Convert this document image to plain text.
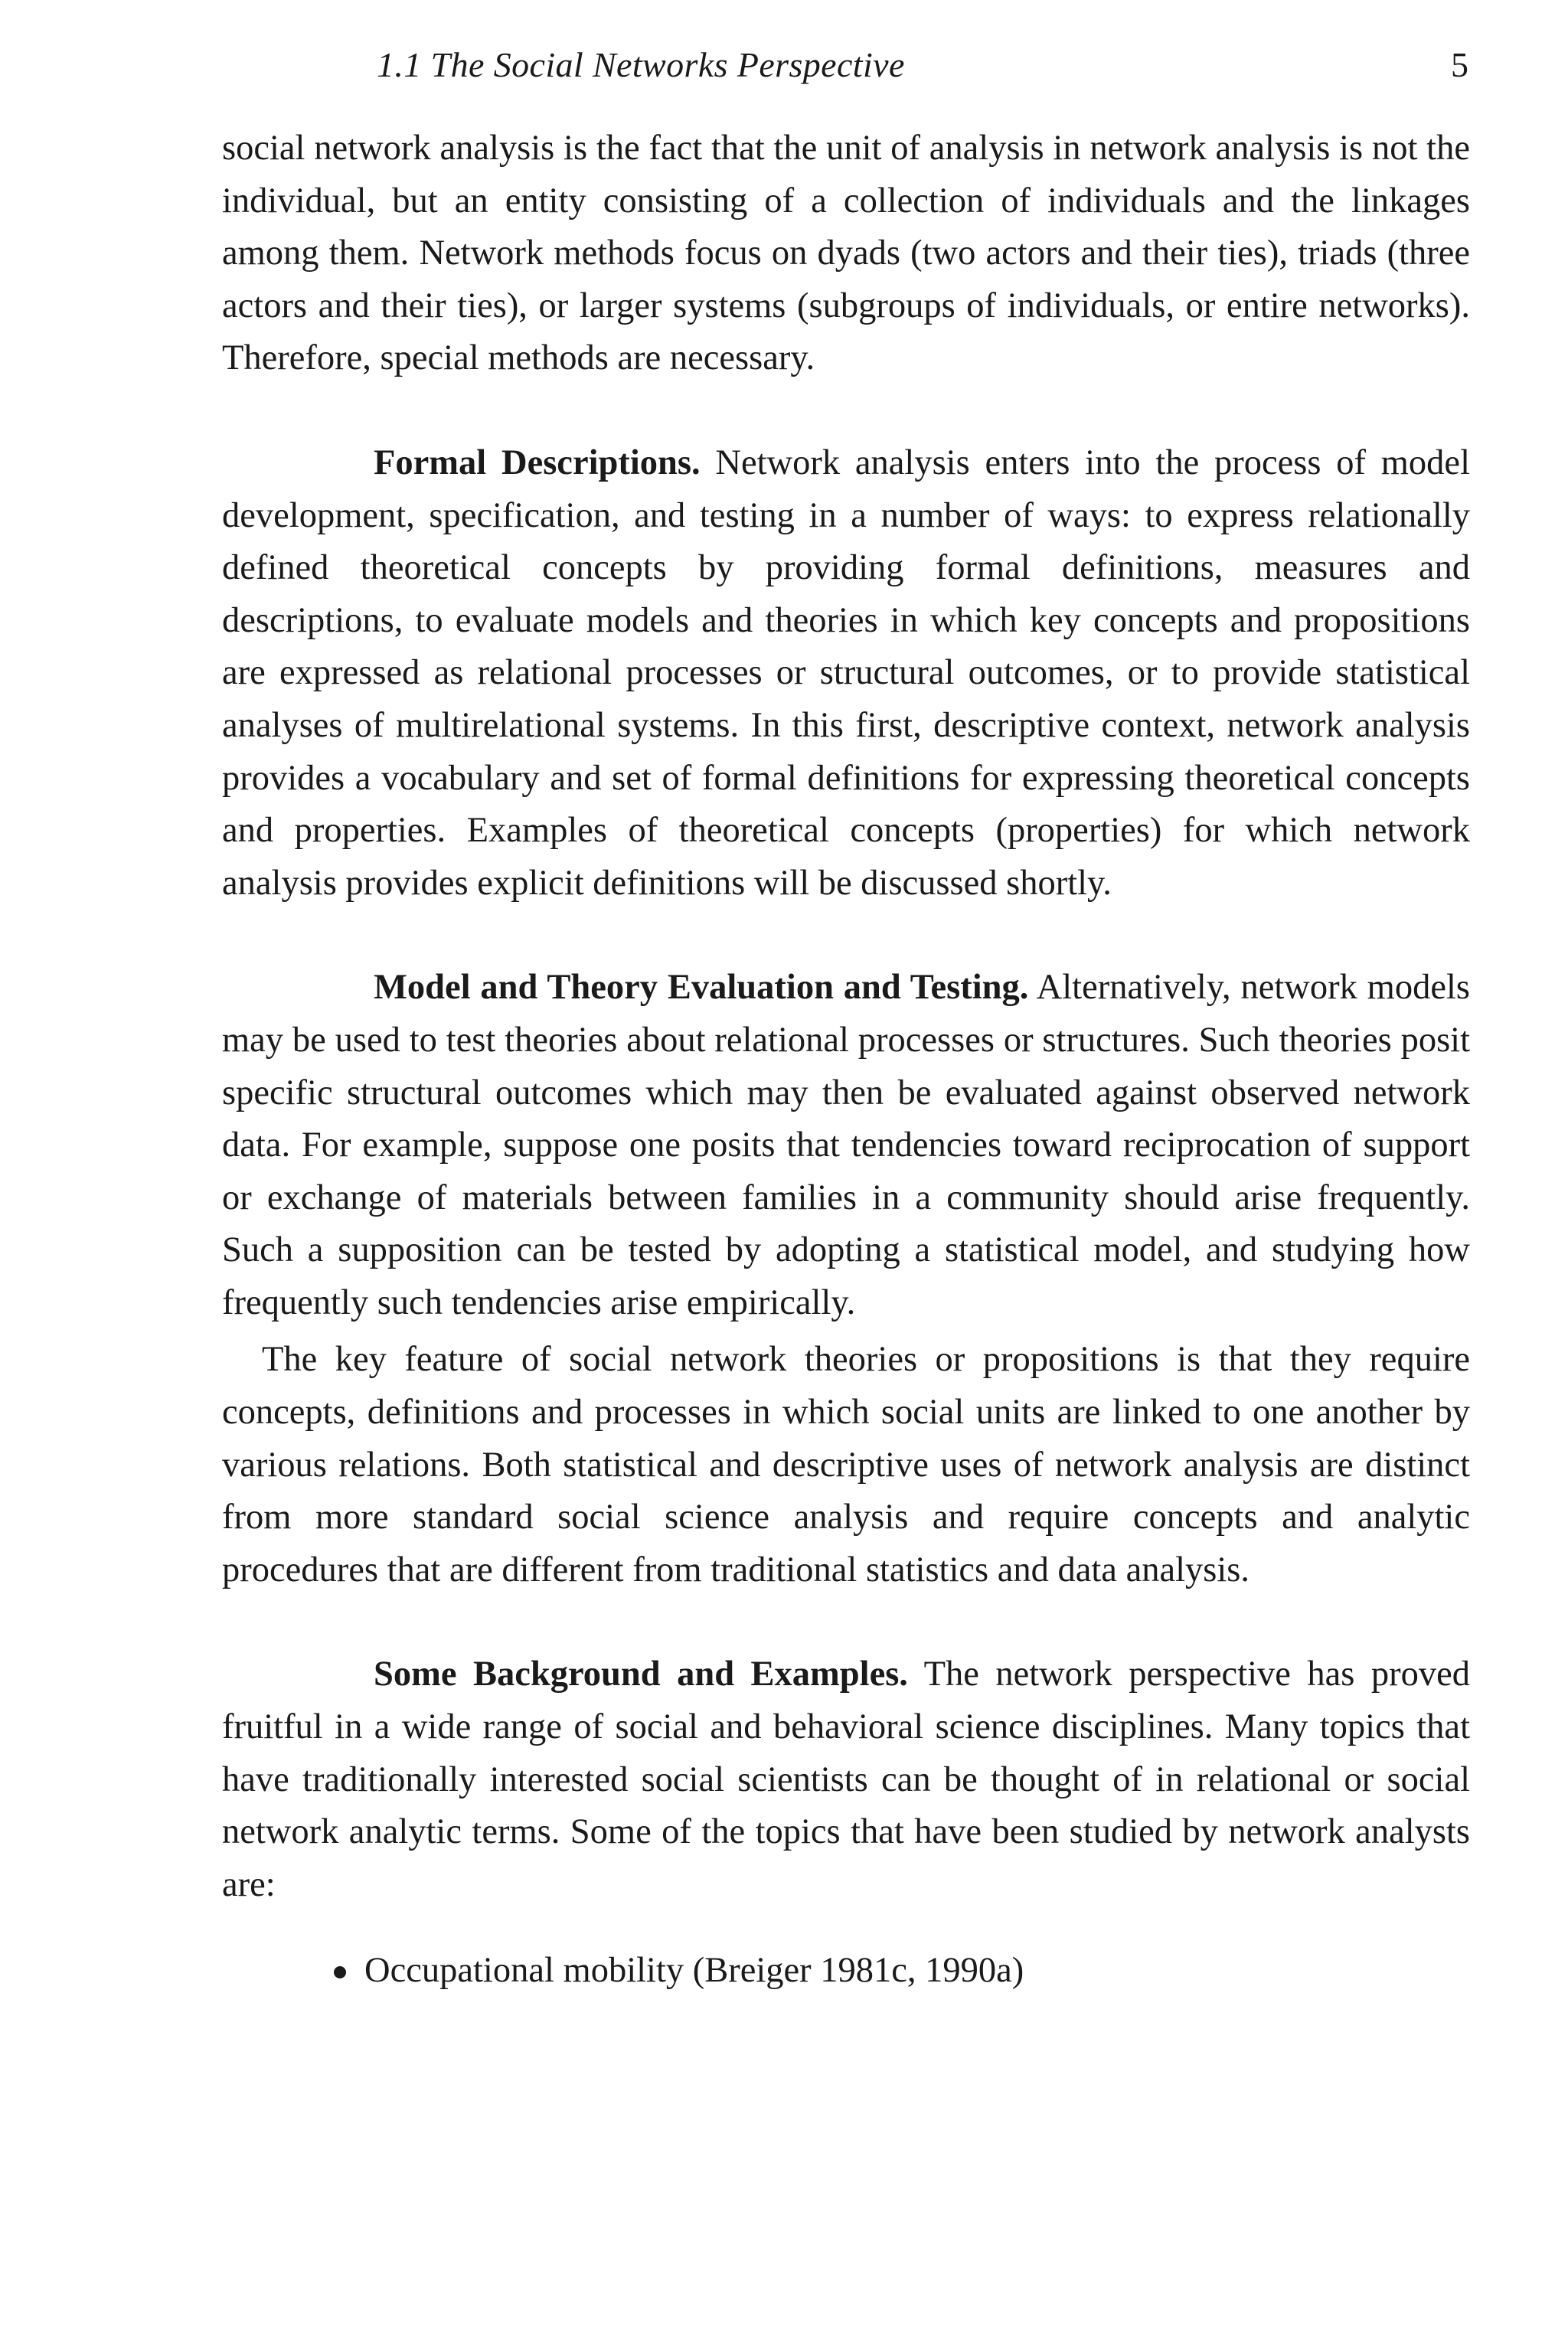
1.1 The Social Networks Perspective	5

social network analysis is the fact that the unit of analysis in network analysis is not the individual, but an entity consisting of a collection of individuals and the linkages among them. Network methods focus on dyads (two actors and their ties), triads (three actors and their ties), or larger systems (subgroups of individuals, or entire networks). Therefore, special methods are necessary.

Formal Descriptions. Network analysis enters into the process of model development, specification, and testing in a number of ways: to express relationally defined theoretical concepts by providing formal definitions, measures and descriptions, to evaluate models and theories in which key concepts and propositions are expressed as relational processes or structural outcomes, or to provide statistical analyses of multirelational systems. In this first, descriptive context, network analysis provides a vocabulary and set of formal definitions for expressing theoretical concepts and properties. Examples of theoretical concepts (properties) for which network analysis provides explicit definitions will be discussed shortly.

Model and Theory Evaluation and Testing. Alternatively, network models may be used to test theories about relational processes or structures. Such theories posit specific structural outcomes which may then be evaluated against observed network data. For example, suppose one posits that tendencies toward reciprocation of support or exchange of materials between families in a community should arise frequently. Such a supposition can be tested by adopting a statistical model, and studying how frequently such tendencies arise empirically.

The key feature of social network theories or propositions is that they require concepts, definitions and processes in which social units are linked to one another by various relations. Both statistical and descriptive uses of network analysis are distinct from more standard social science analysis and require concepts and analytic procedures that are different from traditional statistics and data analysis.

Some Background and Examples. The network perspective has proved fruitful in a wide range of social and behavioral science disciplines. Many topics that have traditionally interested social scientists can be thought of in relational or social network analytic terms. Some of the topics that have been studied by network analysts are:

Occupational mobility (Breiger 1981c, 1990a)
